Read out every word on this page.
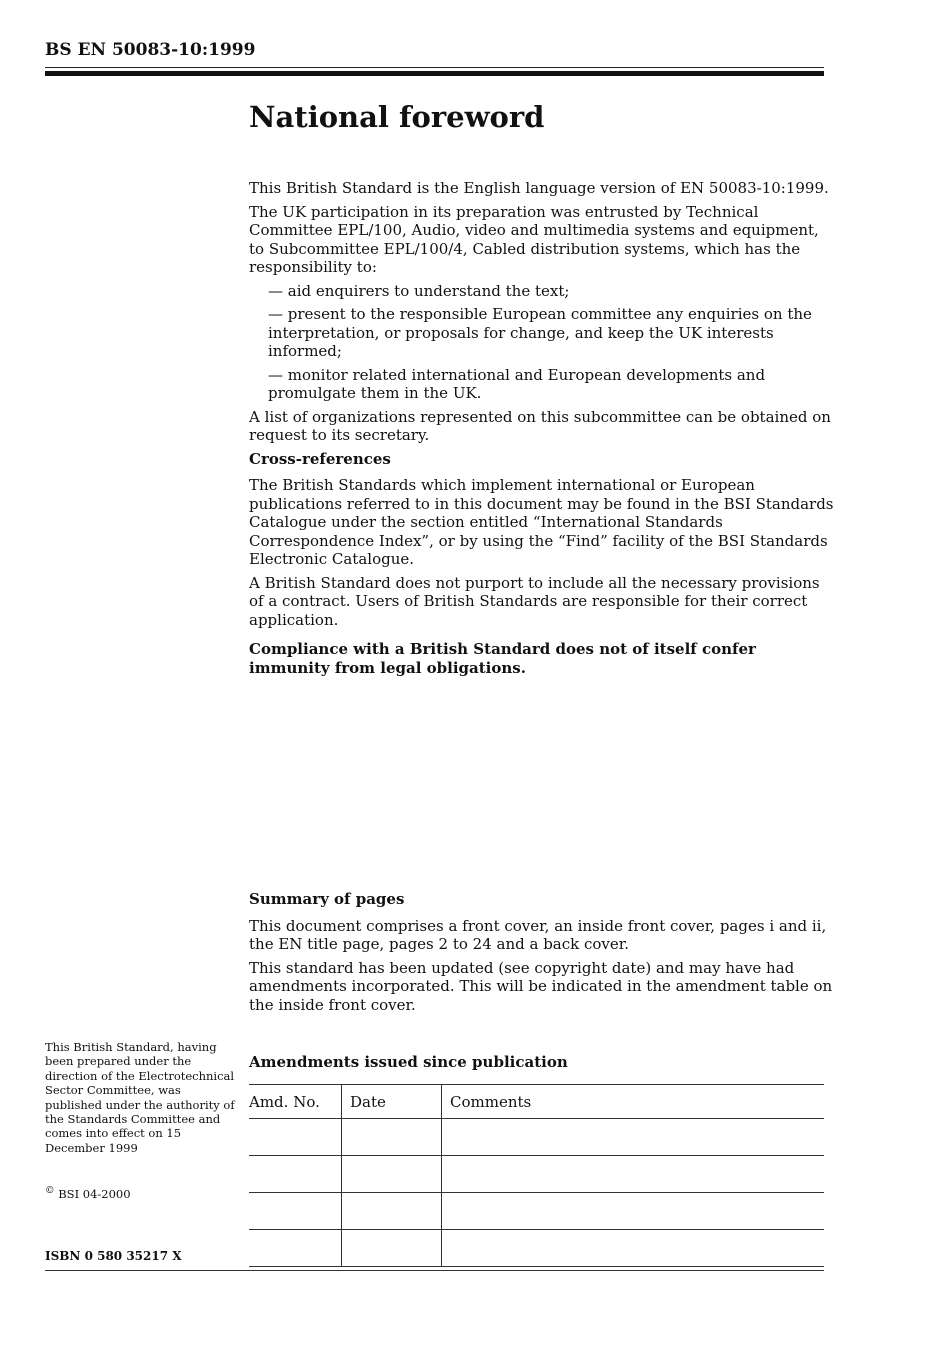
BS EN 50083-10:1999
National foreword

This British Standard is the English language version of EN 50083-10:1999.

The UK participation in its preparation was entrusted by Technical Committee EPL/100, Audio, video and multimedia systems and equipment, to Subcommittee EPL/100/4, Cabled distribution systems, which has the responsibility to:

— aid enquirers to understand the text;

— present to the responsible European committee any enquiries on the interpretation, or proposals for change, and keep the UK interests informed;

— monitor related international and European developments and promulgate them in the UK.

A list of organizations represented on this subcommittee can be obtained on request to its secretary.

Cross-references

The British Standards which implement international or European publications referred to in this document may be found in the BSI Standards Catalogue under the section entitled “International Standards Correspondence Index”, or by using the “Find” facility of the BSI Standards Electronic Catalogue.

A British Standard does not purport to include all the necessary provisions of a contract. Users of British Standards are responsible for their correct application.

Compliance with a British Standard does not of itself confer immunity from legal obligations.

Summary of pages

This document comprises a front cover, an inside front cover, pages i and ii, the EN title page, pages 2 to 24 and a back cover.

This standard has been updated (see copyright date) and may have had amendments incorporated. This will be indicated in the amendment table on the inside front cover.

This British Standard, having been prepared under the direction of the Electrotechnical Sector Committee, was published under the authority of the Standards Committee and comes into effect on 15 December 1999
© BSI 04-2000
ISBN 0 580 35217 X
Amendments issued since publication
Amd. No.	Date	Comments
